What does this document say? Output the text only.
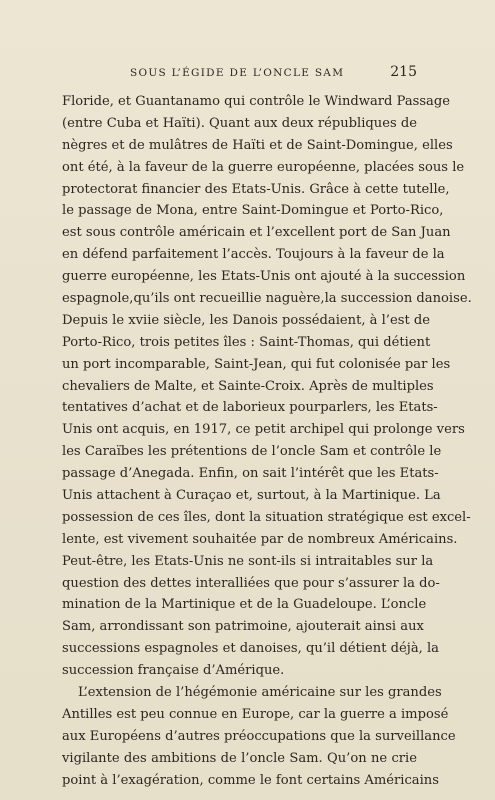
SOUS L’ÉGIDE DE L’ONCLE SAM	215
Floride, et Guantanamo qui contrôle le Windward Passage
(entre Cuba et Haïti). Quant aux deux républiques de
nègres et de mulâtres de Haïti et de Saint-Domingue, elles
ont été, à la faveur de la guerre européenne, placées sous le
protectorat financier des Etats-Unis. Grâce à cette tutelle,
le passage de Mona, entre Saint-Domingue et Porto-Rico,
est sous contrôle américain et l’excellent port de San Juan
en défend parfaitement l’accès. Toujours à la faveur de la
guerre européenne, les Etats-Unis ont ajouté à la succession
espagnole,qu’ils ont recueillie naguère,la succession danoise.
Depuis le xviie siècle, les Danois possédaient, à l’est de
Porto-Rico, trois petites îles : Saint-Thomas, qui détient
un port incomparable, Saint-Jean, qui fut colonisée par les
chevaliers de Malte, et Sainte-Croix. Après de multiples
tentatives d’achat et de laborieux pourparlers, les Etats-
Unis ont acquis, en 1917, ce petit archipel qui prolonge vers
les Caraïbes les prétentions de l’oncle Sam et contrôle le
passage d’Anegada. Enfin, on sait l’intérêt que les Etats-
Unis attachent à Curaçao et, surtout, à la Martinique. La
possession de ces îles, dont la situation stratégique est excel-
lente, est vivement souhaitée par de nombreux Américains.
Peut-être, les Etats-Unis ne sont-ils si intraitables sur la
question des dettes interalliées que pour s’assurer la do-
mination de la Martinique et de la Guadeloupe. L’oncle
Sam, arrondissant son patrimoine, ajouterait ainsi aux
successions espagnoles et danoises, qu’il détient déjà, la
succession française d’Amérique.
L’extension de l’hégémonie américaine sur les grandes
Antilles est peu connue en Europe, car la guerre a imposé
aux Européens d’autres préoccupations que la surveillance
vigilante des ambitions de l’oncle Sam. Qu’on ne crie
point à l’exagération, comme le font certains Américains
